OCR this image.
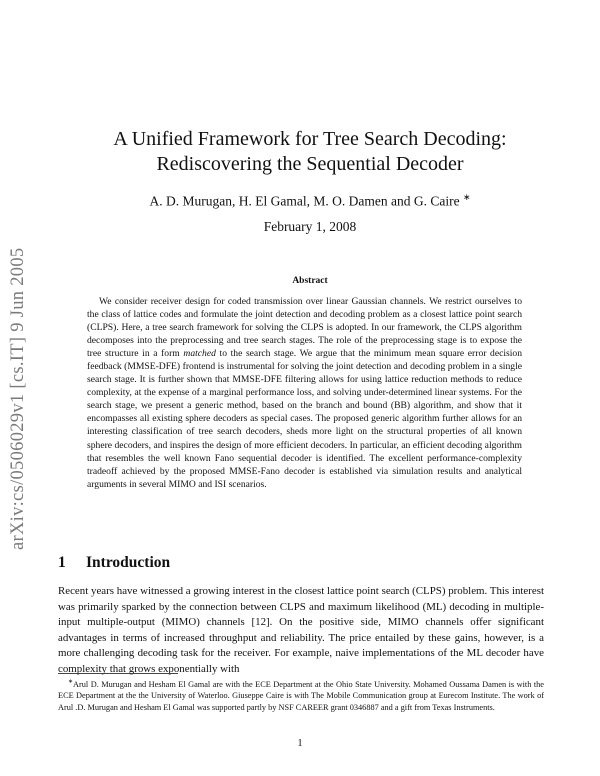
arXiv:cs/0506029v1 [cs.IT] 9 Jun 2005
A Unified Framework for Tree Search Decoding:
Rediscovering the Sequential Decoder
A. D. Murugan, H. El Gamal, M. O. Damen and G. Caire ∗
February 1, 2008
Abstract

We consider receiver design for coded transmission over linear Gaussian channels. We restrict ourselves to the class of lattice codes and formulate the joint detection and decoding problem as a closest lattice point search (CLPS). Here, a tree search framework for solving the CLPS is adopted. In our framework, the CLPS algorithm decomposes into the preprocessing and tree search stages. The role of the preprocessing stage is to expose the tree structure in a form matched to the search stage. We argue that the minimum mean square error decision feedback (MMSE-DFE) frontend is instrumental for solving the joint detection and decoding problem in a single search stage. It is further shown that MMSE-DFE filtering allows for using lattice reduction methods to reduce complexity, at the expense of a marginal performance loss, and solving under-determined linear systems. For the search stage, we present a generic method, based on the branch and bound (BB) algorithm, and show that it encompasses all existing sphere decoders as special cases. The proposed generic algorithm further allows for an interesting classification of tree search decoders, sheds more light on the structural properties of all known sphere decoders, and inspires the design of more efficient decoders. In particular, an efficient decoding algorithm that resembles the well known Fano sequential decoder is identified. The excellent performance-complexity tradeoff achieved by the proposed MMSE-Fano decoder is established via simulation results and analytical arguments in several MIMO and ISI scenarios.

1 Introduction

Recent years have witnessed a growing interest in the closest lattice point search (CLPS) problem. This interest was primarily sparked by the connection between CLPS and maximum likelihood (ML) decoding in multiple-input multiple-output (MIMO) channels [12]. On the positive side, MIMO channels offer significant advantages in terms of increased throughput and reliability. The price entailed by these gains, however, is a more challenging decoding task for the receiver. For example, naive implementations of the ML decoder have complexity that grows exponentially with

∗Arul D. Murugan and Hesham El Gamal are with the ECE Department at the Ohio State University. Mohamed Oussama Damen is with the ECE Department at the the University of Waterloo. Giuseppe Caire is with The Mobile Communication group at Eurecom Institute. The work of Arul .D. Murugan and Hesham El Gamal was supported partly by NSF CAREER grant 0346887 and a gift from Texas Instruments.

1
